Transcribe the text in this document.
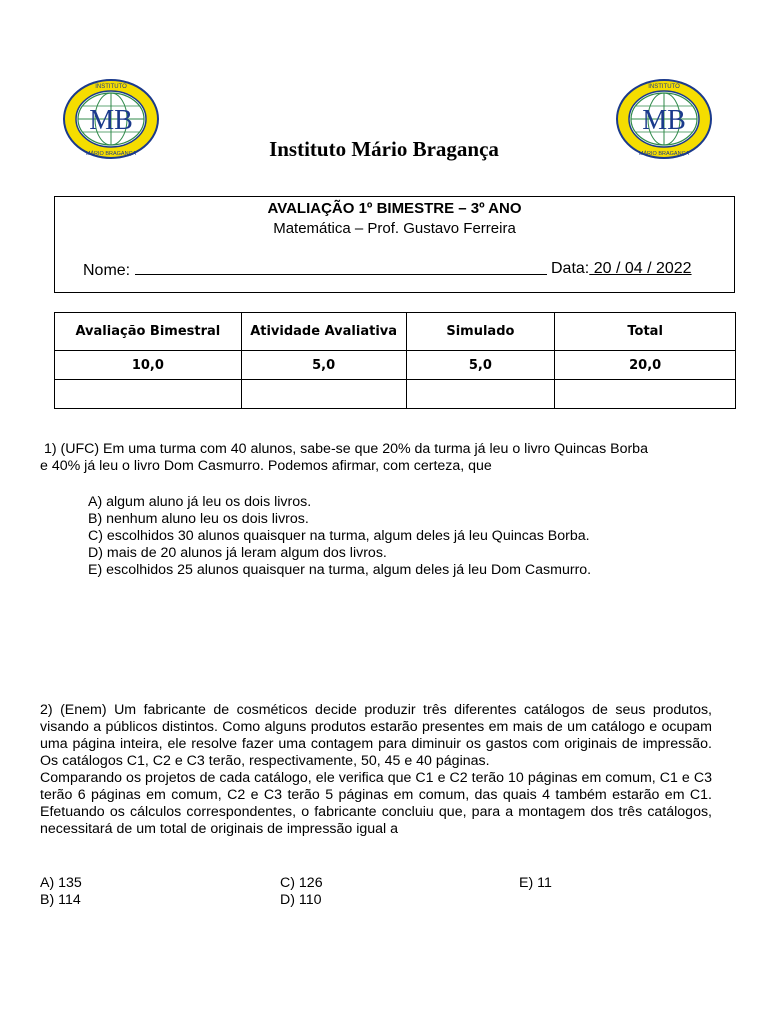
MB
INSTITUTO
MÁRIO BRAGANÇA
MB
INSTITUTO
MÁRIO BRAGANÇA
Instituto Mário Bragança
AVALIAÇÃO 1º BIMESTRE – 3º ANO
Matemática – Prof. Gustavo Ferreira
Nome:	Data: 20 / 04 / 2022
Avaliação Bimestral	Atividade Avaliativa	Simulado	Total
10,0	5,0	5,0	20,0

1) (UFC) Em uma turma com 40 alunos, sabe-se que 20% da turma já leu o livro Quincas Borba
e 40% já leu o livro Dom Casmurro. Podemos afirmar, com certeza, que
A) algum aluno já leu os dois livros.
B) nenhum aluno leu os dois livros.
C) escolhidos 30 alunos quaisquer na turma, algum deles já leu Quincas Borba.
D) mais de 20 alunos já leram algum dos livros.
E) escolhidos 25 alunos quaisquer na turma, algum deles já leu Dom Casmurro.
2) (Enem) Um fabricante de cosméticos decide produzir três diferentes catálogos de seus produtos, visando a públicos distintos. Como alguns produtos estarão presentes em mais de um catálogo e ocupam uma página inteira, ele resolve fazer uma contagem para diminuir os gastos com originais de impressão. Os catálogos C1, C2 e C3 terão, respectivamente, 50, 45 e 40 páginas.
Comparando os projetos de cada catálogo, ele verifica que C1 e C2 terão 10 páginas em comum, C1 e C3 terão 6 páginas em comum, C2 e C3 terão 5 páginas em comum, das quais 4 também estarão em C1. Efetuando os cálculos correspondentes, o fabricante concluiu que, para a montagem dos três catálogos, necessitará de um total de originais de impressão igual a
A) 135
B) 114
C) 126
D) 110
E) 11
